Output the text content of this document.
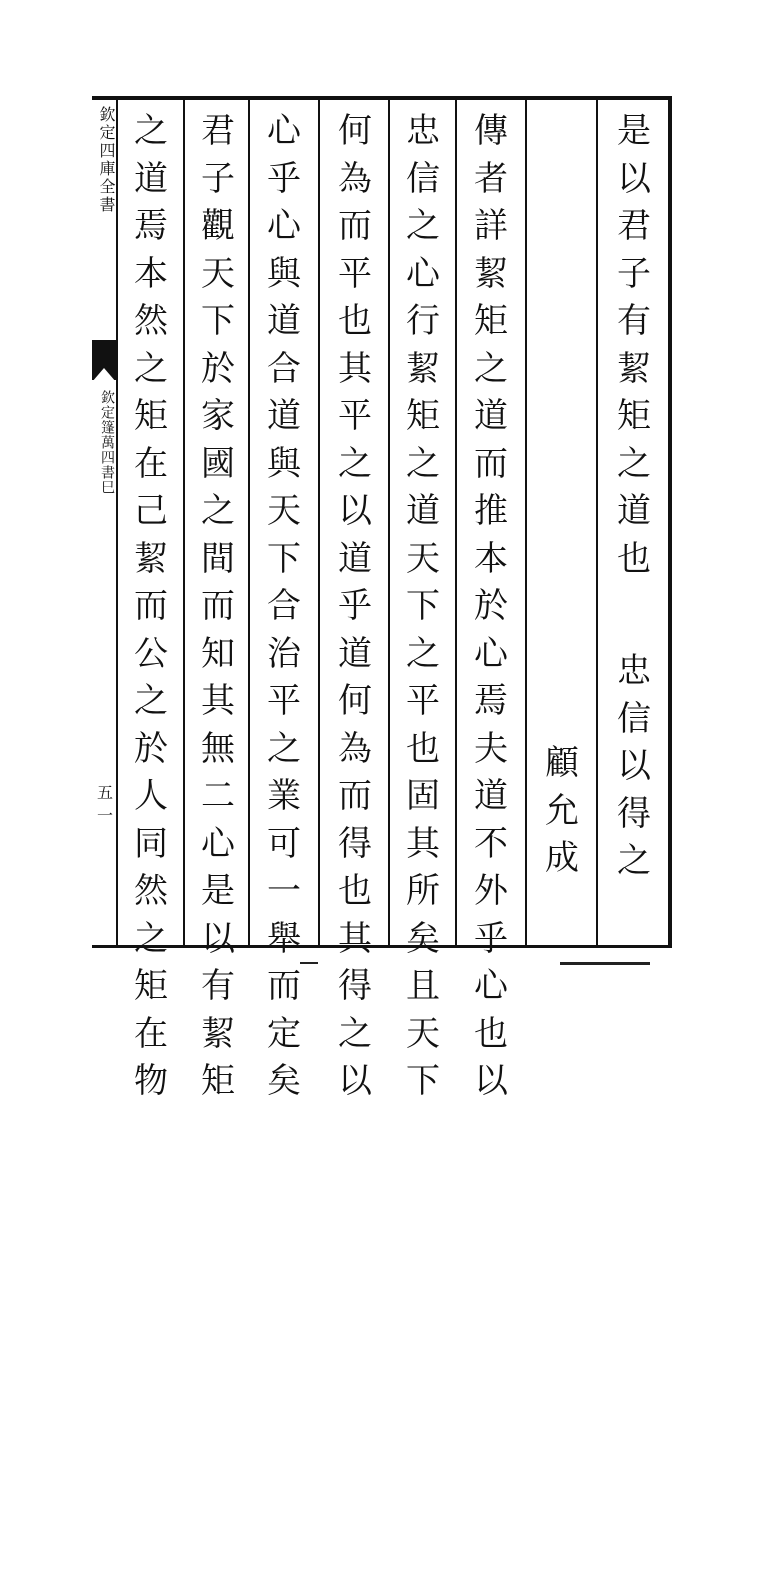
欽定四庫全書
欽定篷萬四書巳
五一
是
以
君
子
有
絜
矩
之
道
也
忠
信
以
得
之
顧
允
成
傳
者
詳
絜
矩
之
道
而
推
本
於
心
焉
夫
道
不
外
乎
心
也
以
忠
信
之
心
行
絜
矩
之
道
天
下
之
平
也
固
其
所
矣
且
天
下
何
為
而
平
也
其
平
之
以
道
乎
道
何
為
而
得
也
其
得
之
以
心
乎
心
與
道
合
道
與
天
下
合
治
平
之
業
可
一
舉
而
定
矣
君
子
觀
天
下
於
家
國
之
間
而
知
其
無
二
心
是
以
有
絜
矩
之
道
焉
本
然
之
矩
在
己
絜
而
公
之
於
人
同
然
之
矩
在
物
